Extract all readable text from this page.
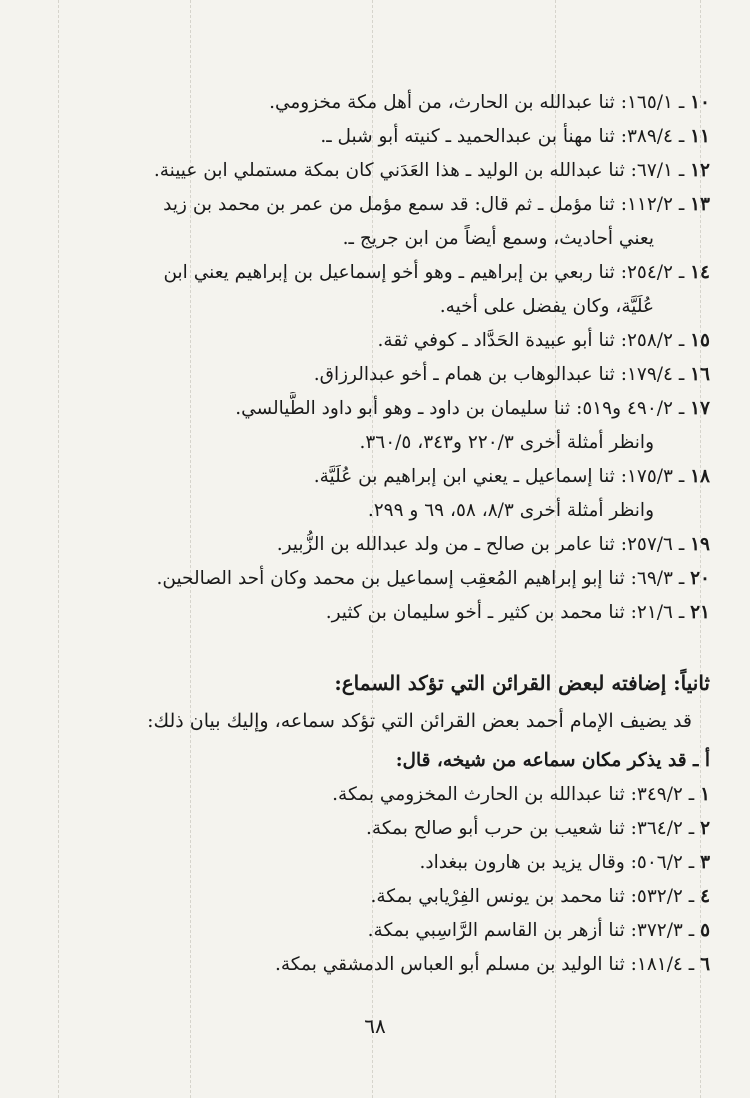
١٠ ـ ١٦٥/١: ثنا عبدالله بن الحارث، من أهل مكة مخزومي.
١١ ـ ٣٨٩/٤: ثنا مهنأ بن عبدالحميد ـ كنيته أبو شبل ـ.
١٢ ـ ٦٧/١: ثنا عبدالله بن الوليد ـ هذا العَدَني كان بمكة مستملي ابن عيينة.
١٣ ـ ١١٢/٢: ثنا مؤمل ـ ثم قال: قد سمع مؤمل من عمر بن محمد بن زيد
يعني أحاديث، وسمع أيضاً من ابن جريج ـ.
١٤ ـ ٢٥٤/٢: ثنا ربعي بن إبراهيم ـ وهو أخو إسماعيل بن إبراهيم يعني ابن
عُلَيَّة، وكان يفضل على أخيه.
١٥ ـ ٢٥٨/٢: ثنا أبو عبيدة الحَدَّاد ـ كوفي ثقة.
١٦ ـ ١٧٩/٤: ثنا عبدالوهاب بن همام ـ أخو عبدالرزاق.
١٧ ـ ٤٩٠/٢ و٥١٩: ثنا سليمان بن داود ـ وهو أبو داود الطَّيالسي.
وانظر أمثلة أخرى ٢٢٠/٣ و٣٤٣، ٣٦٠/٥.
١٨ ـ ١٧٥/٣: ثنا إسماعيل ـ يعني ابن إبراهيم بن عُلَيَّة.
وانظر أمثلة أخرى ٨/٣، ٥٨، ٦٩ و ٢٩٩.
١٩ ـ ٢٥٧/٦: ثنا عامر بن صالح ـ من ولد عبدالله بن الزُّبير.
٢٠ ـ ٦٩/٣: ثنا إبو إبراهيم المُعقِب إسماعيل بن محمد وكان أحد الصالحين.
٢١ ـ ٢١/٦: ثنا محمد بن كثير ـ أخو سليمان بن كثير.
ثانياً: إضافته لبعض القرائن التي تؤكد السماع:
قد يضيف الإمام أحمد بعض القرائن التي تؤكد سماعه، وإليك بيان ذلك:
أ ـ قد يذكر مكان سماعه من شيخه، قال:
١ ـ ٣٤٩/٢: ثنا عبدالله بن الحارث المخزومي بمكة.
٢ ـ ٣٦٤/٢: ثنا شعيب بن حرب أبو صالح بمكة.
٣ ـ ٥٠٦/٢: وقال يزيد بن هارون ببغداد.
٤ ـ ٥٣٢/٢: ثنا محمد بن يونس الفِرْيابي بمكة.
٥ ـ ٣٧٢/٣: ثنا أزهر بن القاسم الرَّاسِبي بمكة.
٦ ـ ١٨١/٤: ثنا الوليد بن مسلم أبو العباس الدمشقي بمكة.
٦٨
